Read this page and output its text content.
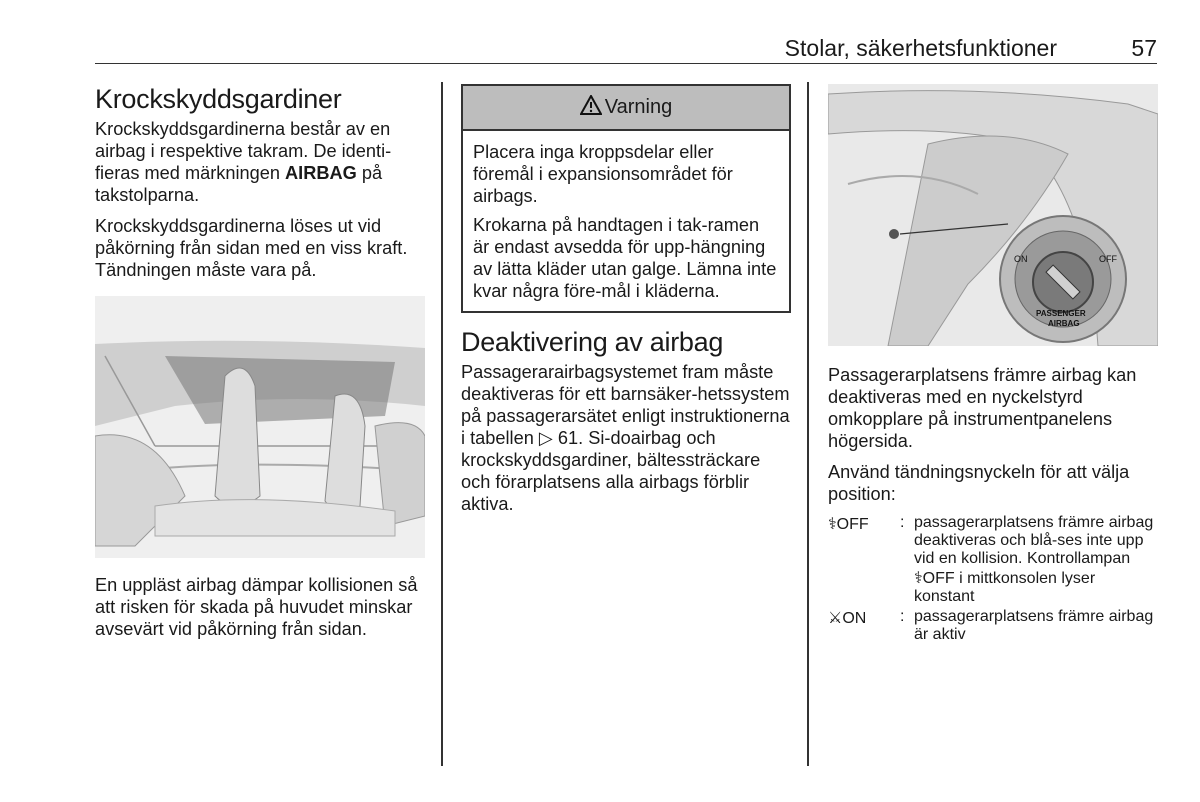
Stolar, säkerhetsfunktioner	57
Krockskyddsgardiner

Krockskyddsgardinerna består av en airbag i respektive takram. De identi-fieras med märkningen AIRBAG på takstolparna.

Krockskyddsgardinerna löses ut vid påkörning från sidan med en viss kraft. Tändningen måste vara på.

En uppläst airbag dämpar kollisionen så att risken för skada på huvudet minskar avsevärt vid påkörning från sidan.

Varning

Placera inga kroppsdelar eller föremål i expansionsområdet för airbags.

Krokarna på handtagen i tak-ramen är endast avsedda för upp-hängning av lätta kläder utan galge. Lämna inte kvar några före-mål i kläderna.

Deaktivering av airbag

Passagerarairbagsystemet fram måste deaktiveras för ett barnsäker-hetssystem på passagerarsätet enligt instruktionerna i tabellen ▷ 61. Si-doairbag och krockskyddsgardiner, bältessträckare och förarplatsens alla airbags förblir aktiva.

ON	OFF
PASSENGER
AIRBAG

Passagerarplatsens främre airbag kan deaktiveras med en nyckelstyrd omkopplare på instrumentpanelens högersida.

Använd tändningsnyckeln för att välja position:

⚕OFF	: passagerarplatsens främre airbag deaktiveras och blå-ses inte upp vid en kollision. Kontrollampan ⚕OFF i mittkonsolen lyser konstant
⚔ON	: passagerarplatsens främre airbag är aktiv
